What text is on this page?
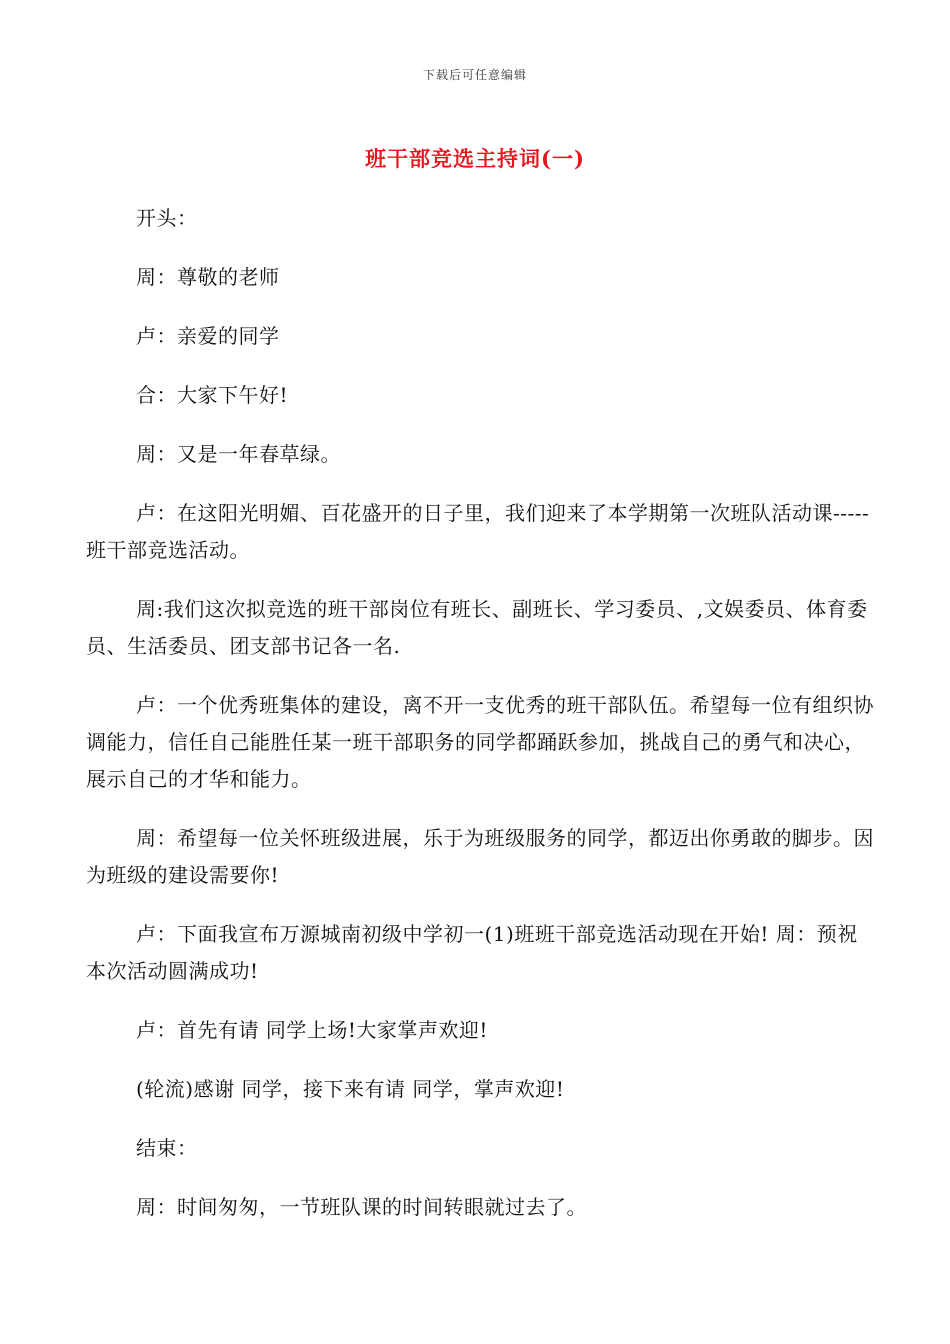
下载后可任意编辑
班干部竞选主持词(一)

开头：

周：尊敬的老师

卢：亲爱的同学

合：大家下午好!

周：又是一年春草绿。

卢：在这阳光明媚、百花盛开的日子里，我们迎来了本学期第一次班队活动课-----班干部竞选活动。

周:我们这次拟竞选的班干部岗位有班长、副班长、学习委员、,文娱委员、体育委员、生活委员、团支部书记各一名.

卢：一个优秀班集体的建设，离不开一支优秀的班干部队伍。希望每一位有组织协调能力，信任自己能胜任某一班干部职务的同学都踊跃参加，挑战自己的勇气和决心，展示自己的才华和能力。

周：希望每一位关怀班级进展，乐于为班级服务的同学，都迈出你勇敢的脚步。因为班级的建设需要你!

卢：下面我宣布万源城南初级中学初一(1)班班干部竞选活动现在开始! 周：预祝本次活动圆满成功!

卢：首先有请 同学上场!大家掌声欢迎!

(轮流)感谢 同学，接下来有请 同学，掌声欢迎!

结束：

周：时间匆匆，一节班队课的时间转眼就过去了。
